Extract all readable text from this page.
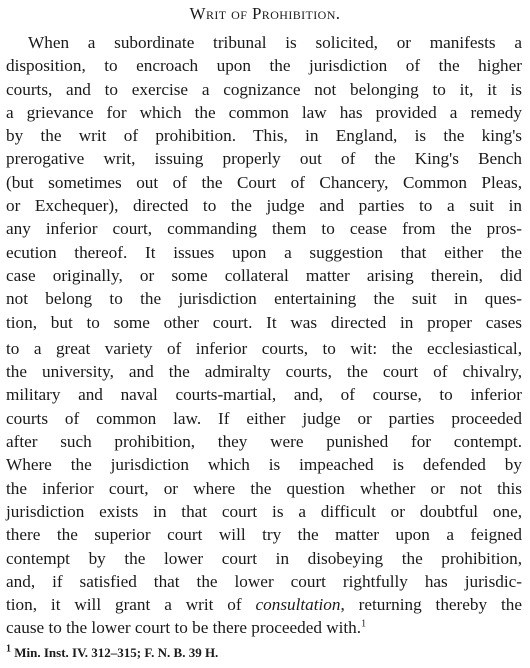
Writ of Prohibition.
When a subordinate tribunal is solicited, or manifests a
disposition, to encroach upon the jurisdiction of the higher
courts, and to exercise a cognizance not belonging to it, it is
a grievance for which the common law has provided a remedy
by the writ of prohibition. This, in England, is the king's
prerogative writ, issuing properly out of the King's Bench
(but sometimes out of the Court of Chancery, Common Pleas,
or Exchequer), directed to the judge and parties to a suit in
any inferior court, commanding them to cease from the pros-
ecution thereof. It issues upon a suggestion that either the
case originally, or some collateral matter arising therein, did
not belong to the jurisdiction entertaining the suit in ques-
tion, but to some other court. It was directed in proper cases
to a great variety of inferior courts, to wit: the ecclesiastical,
the university, and the admiralty courts, the court of chivalry,
military and naval courts-martial, and, of course, to inferior
courts of common law. If either judge or parties proceeded
after such prohibition, they were punished for contempt.
Where the jurisdiction which is impeached is defended by
the inferior court, or where the question whether or not this
jurisdiction exists in that court is a difficult or doubtful one,
there the superior court will try the matter upon a feigned
contempt by the lower court in disobeying the prohibition,
and, if satisfied that the lower court rightfully has jurisdic-
tion, it will grant a writ of consultation, returning thereby the
cause to the lower court to be there proceeded with.$^1$
$^1$ Min. Inst. IV. 312–315; F. N. B. 39 H.
